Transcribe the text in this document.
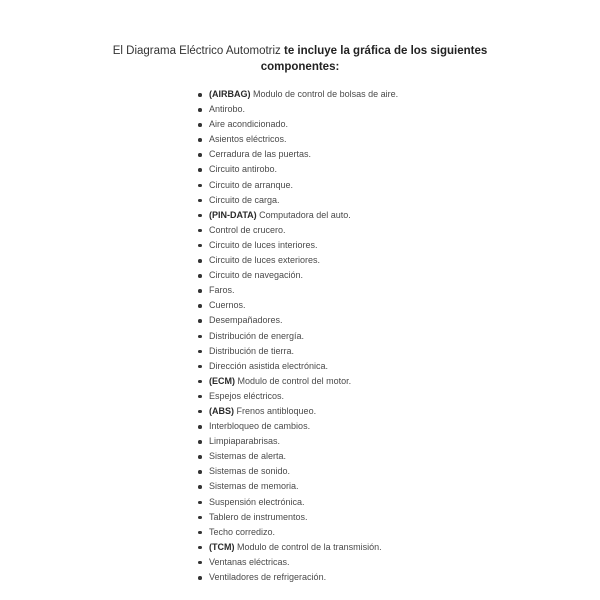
El Diagrama Eléctrico Automotriz te incluye la gráfica de los siguientes
componentes:
(AIRBAG) Modulo de control de bolsas de aire.
Antirobo.
Aire acondicionado.
Asientos eléctricos.
Cerradura de las puertas.
Circuito antirobo.
Circuito de arranque.
Circuito de carga.
(PIN-DATA) Computadora del auto.
Control de crucero.
Circuito de luces interiores.
Circuito de luces exteriores.
Circuito de navegación.
Faros.
Cuernos.
Desempañadores.
Distribución de energía.
Distribución de tierra.
Dirección asistida electrónica.
(ECM) Modulo de control del motor.
Espejos eléctricos.
(ABS) Frenos antibloqueo.
Interbloqueo de cambios.
Limpiaparabrisas.
Sistemas de alerta.
Sistemas de sonido.
Sistemas de memoria.
Suspensión electrónica.
Tablero de instrumentos.
Techo corredizo.
(TCM) Modulo de control de la transmisión.
Ventanas eléctricas.
Ventiladores de refrigeración.
